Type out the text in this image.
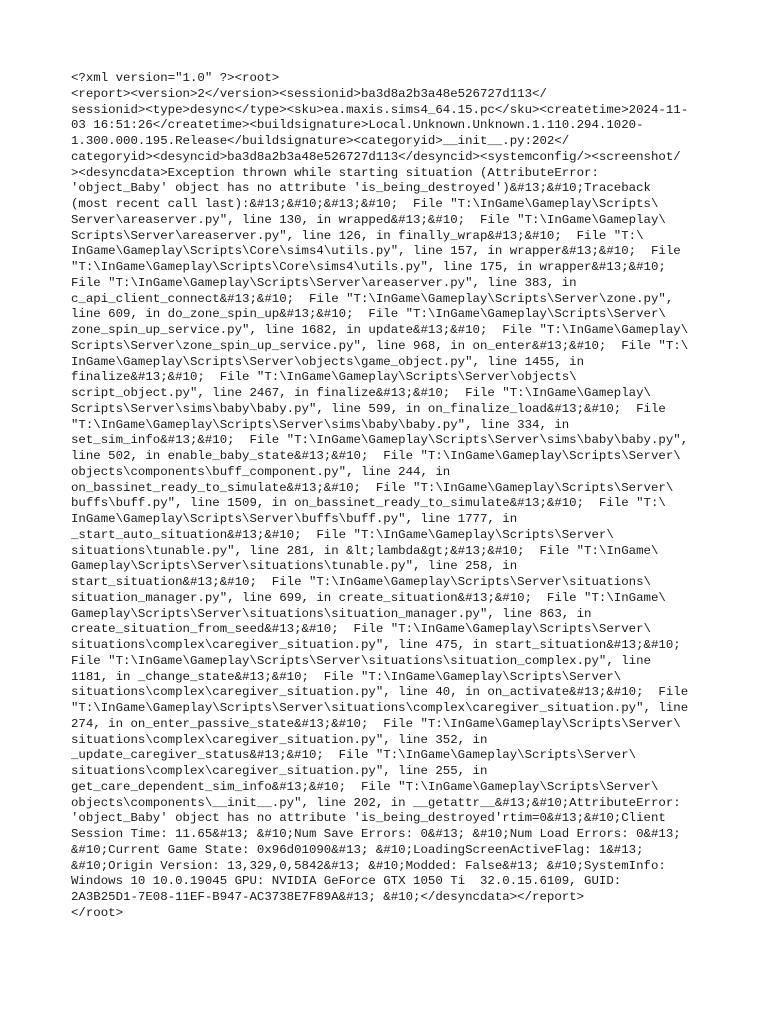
<?xml version="1.0" ?><root>
<report><version>2</version><sessionid>ba3d8a2b3a48e526727d113</
sessionid><type>desync</type><sku>ea.maxis.sims4_64.15.pc</sku><createtime>2024-11-
03 16:51:26</createtime><buildsignature>Local.Unknown.Unknown.1.110.294.1020-
1.300.000.195.Release</buildsignature><categoryid>__init__.py:202</
categoryid><desyncid>ba3d8a2b3a48e526727d113</desyncid><systemconfig/><screenshot/
><desyncdata>Exception thrown while starting situation (AttributeError:
'object_Baby' object has no attribute 'is_being_destroyed')&#13;&#10;Traceback
(most recent call last):&#13;&#10;&#13;&#10;  File "T:\InGame\Gameplay\Scripts\
Server\areaserver.py", line 130, in wrapped&#13;&#10;  File "T:\InGame\Gameplay\
Scripts\Server\areaserver.py", line 126, in finally_wrap&#13;&#10;  File "T:\
InGame\Gameplay\Scripts\Core\sims4\utils.py", line 157, in wrapper&#13;&#10;  File
"T:\InGame\Gameplay\Scripts\Core\sims4\utils.py", line 175, in wrapper&#13;&#10;
File "T:\InGame\Gameplay\Scripts\Server\areaserver.py", line 383, in
c_api_client_connect&#13;&#10;  File "T:\InGame\Gameplay\Scripts\Server\zone.py",
line 609, in do_zone_spin_up&#13;&#10;  File "T:\InGame\Gameplay\Scripts\Server\
zone_spin_up_service.py", line 1682, in update&#13;&#10;  File "T:\InGame\Gameplay\
Scripts\Server\zone_spin_up_service.py", line 968, in on_enter&#13;&#10;  File "T:\
InGame\Gameplay\Scripts\Server\objects\game_object.py", line 1455, in
finalize&#13;&#10;  File "T:\InGame\Gameplay\Scripts\Server\objects\
script_object.py", line 2467, in finalize&#13;&#10;  File "T:\InGame\Gameplay\
Scripts\Server\sims\baby\baby.py", line 599, in on_finalize_load&#13;&#10;  File
"T:\InGame\Gameplay\Scripts\Server\sims\baby\baby.py", line 334, in
set_sim_info&#13;&#10;  File "T:\InGame\Gameplay\Scripts\Server\sims\baby\baby.py",
line 502, in enable_baby_state&#13;&#10;  File "T:\InGame\Gameplay\Scripts\Server\
objects\components\buff_component.py", line 244, in
on_bassinet_ready_to_simulate&#13;&#10;  File "T:\InGame\Gameplay\Scripts\Server\
buffs\buff.py", line 1509, in on_bassinet_ready_to_simulate&#13;&#10;  File "T:\
InGame\Gameplay\Scripts\Server\buffs\buff.py", line 1777, in
_start_auto_situation&#13;&#10;  File "T:\InGame\Gameplay\Scripts\Server\
situations\tunable.py", line 281, in &lt;lambda&gt;&#13;&#10;  File "T:\InGame\
Gameplay\Scripts\Server\situations\tunable.py", line 258, in
start_situation&#13;&#10;  File "T:\InGame\Gameplay\Scripts\Server\situations\
situation_manager.py", line 699, in create_situation&#13;&#10;  File "T:\InGame\
Gameplay\Scripts\Server\situations\situation_manager.py", line 863, in
create_situation_from_seed&#13;&#10;  File "T:\InGame\Gameplay\Scripts\Server\
situations\complex\caregiver_situation.py", line 475, in start_situation&#13;&#10;
File "T:\InGame\Gameplay\Scripts\Server\situations\situation_complex.py", line
1181, in _change_state&#13;&#10;  File "T:\InGame\Gameplay\Scripts\Server\
situations\complex\caregiver_situation.py", line 40, in on_activate&#13;&#10;  File
"T:\InGame\Gameplay\Scripts\Server\situations\complex\caregiver_situation.py", line
274, in on_enter_passive_state&#13;&#10;  File "T:\InGame\Gameplay\Scripts\Server\
situations\complex\caregiver_situation.py", line 352, in
_update_caregiver_status&#13;&#10;  File "T:\InGame\Gameplay\Scripts\Server\
situations\complex\caregiver_situation.py", line 255, in
get_care_dependent_sim_info&#13;&#10;  File "T:\InGame\Gameplay\Scripts\Server\
objects\components\__init__.py", line 202, in __getattr__&#13;&#10;AttributeError:
'object_Baby' object has no attribute 'is_being_destroyed'rtim=0&#13;&#10;Client
Session Time: 11.65&#13; &#10;Num Save Errors: 0&#13; &#10;Num Load Errors: 0&#13;
&#10;Current Game State: 0x96d01090&#13; &#10;LoadingScreenActiveFlag: 1&#13;
&#10;Origin Version: 13,329,0,5842&#13; &#10;Modded: False&#13; &#10;SystemInfo:
Windows 10 10.0.19045 GPU: NVIDIA GeForce GTX 1050 Ti  32.0.15.6109, GUID:
2A3B25D1-7E08-11EF-B947-AC3738E7F89A&#13; &#10;</desyncdata></report>
</root>
